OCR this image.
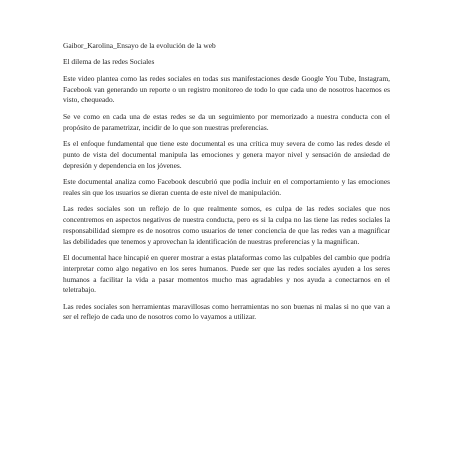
Gaibor_Karolina_Ensayo de la evolución de la web

El dilema de las redes Sociales

Este video plantea como las redes sociales en todas sus manifestaciones desde Google You Tube, Instagram, Facebook van generando un reporte o un registro monitoreo de todo lo que cada uno de nosotros hacemos es visto, chequeado.

Se ve como en cada una de estas redes se da un seguimiento por memorizado a nuestra conducta con el propósito de parametrizar, incidir de lo que son nuestras preferencias.

Es el enfoque fundamental que tiene este documental es una crítica muy severa de como las redes desde el punto de vista del documental manipula las emociones y genera mayor nivel y sensación de ansiedad de depresión y dependencia en los jóvenes.

Este documental analiza como Facebook descubrió que podía incluir en el comportamiento y las emociones reales sin que los usuarios se dieran cuenta de este nivel de manipulación.

Las redes sociales son un reflejo de lo que realmente somos, es culpa de las redes sociales que nos concentremos en aspectos negativos de nuestra conducta, pero es si la culpa no las tiene las redes sociales la responsabilidad siempre es de nosotros como usuarios de tener conciencia de que las redes van a magnificar las debilidades que tenemos y aprovechan la identificación de nuestras preferencias y la magnifican.

El documental hace hincapié en querer mostrar a estas plataformas como las culpables del cambio que podría interpretar como algo negativo en los seres humanos. Puede ser que las redes sociales ayuden a los seres humanos a facilitar la vida a pasar momentos mucho mas agradables y nos ayuda a conectarnos en el teletrabajo.

Las redes sociales son herramientas maravillosas como herramientas no son buenas ni malas si no que van a ser el reflejo de cada uno de nosotros como lo vayamos a utilizar.
